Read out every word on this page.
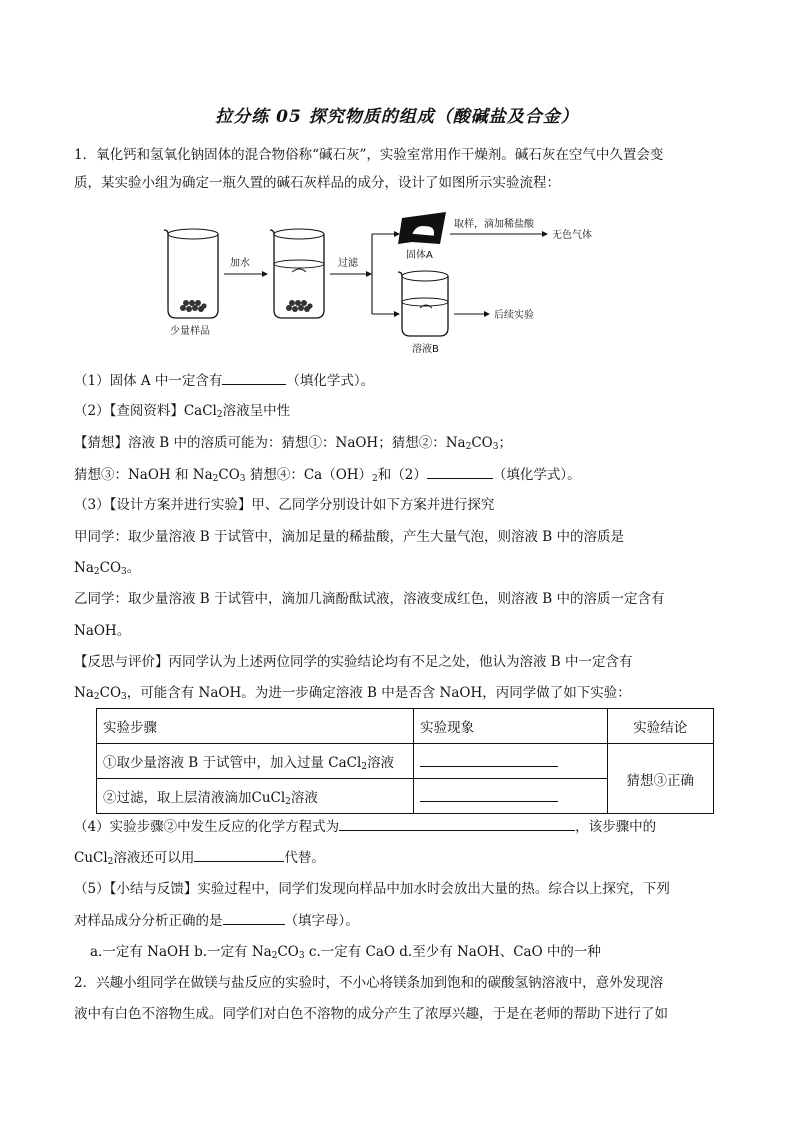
拉分练 05 探究物质的组成（酸碱盐及合金）
1．氧化钙和氢氧化钠固体的混合物俗称“碱石灰”，实验室常用作干燥剂。碱石灰在空气中久置会变
质，某实验小组为确定一瓶久置的碱石灰样品的成分，设计了如图所示实验流程：
少量样品
加水	过滤
固体A
取样，滴加稀盐酸
无色气体
溶液B
后续实验
（1）固体 A 中一定含有	（填化学式）。
（2）【查阅资料】CaCl$_2$溶液呈中性
【猜想】溶液 B 中的溶质可能为：猜想①：NaOH；猜想②：$Na_2CO_3$；
猜想③：NaOH 和 $Na_2CO_3$ 猜想④：$Ca(OH)_2$和（2）	（填化学式）。
（3）【设计方案并进行实验】甲、乙同学分别设计如下方案并进行探究
甲同学：取少量溶液 B 于试管中，滴加足量的稀盐酸，产生大量气泡，则溶液 B 中的溶质是
$Na_2CO_3$。
乙同学：取少量溶液 B 于试管中，滴加几滴酚酞试液，溶液变成红色，则溶液 B 中的溶质一定含有
NaOH。
【反思与评价】丙同学认为上述两位同学的实验结论均有不足之处，他认为溶液 B 中一定含有
$Na_2CO_3$，可能含有 NaOH。为进一步确定溶液 B 中是否含 NaOH，丙同学做了如下实验：
实验步骤	实验现象	实验结论
①取少量溶液 B 于试管中，加入过量 CaCl$_2$溶液		猜想③正确
②过滤，取上层清液滴加CuCl$_2$溶液		
（4）实验步骤②中发生反应的化学方程式为	，该步骤中的
CuCl$_2$溶液还可以用	代替。
（5）【小结与反馈】实验过程中，同学们发现向样品中加水时会放出大量的热。综合以上探究，下列
对样品成分分析正确的是	（填字母）。
a.一定有 NaOH b.一定有 $Na_2CO_3$ c.一定有 CaO d.至少有 NaOH、CaO 中的一种
2．兴趣小组同学在做镁与盐反应的实验时，不小心将镁条加到饱和的碳酸氢钠溶液中，意外发现溶
液中有白色不溶物生成。同学们对白色不溶物的成分产生了浓厚兴趣，于是在老师的帮助下进行了如
